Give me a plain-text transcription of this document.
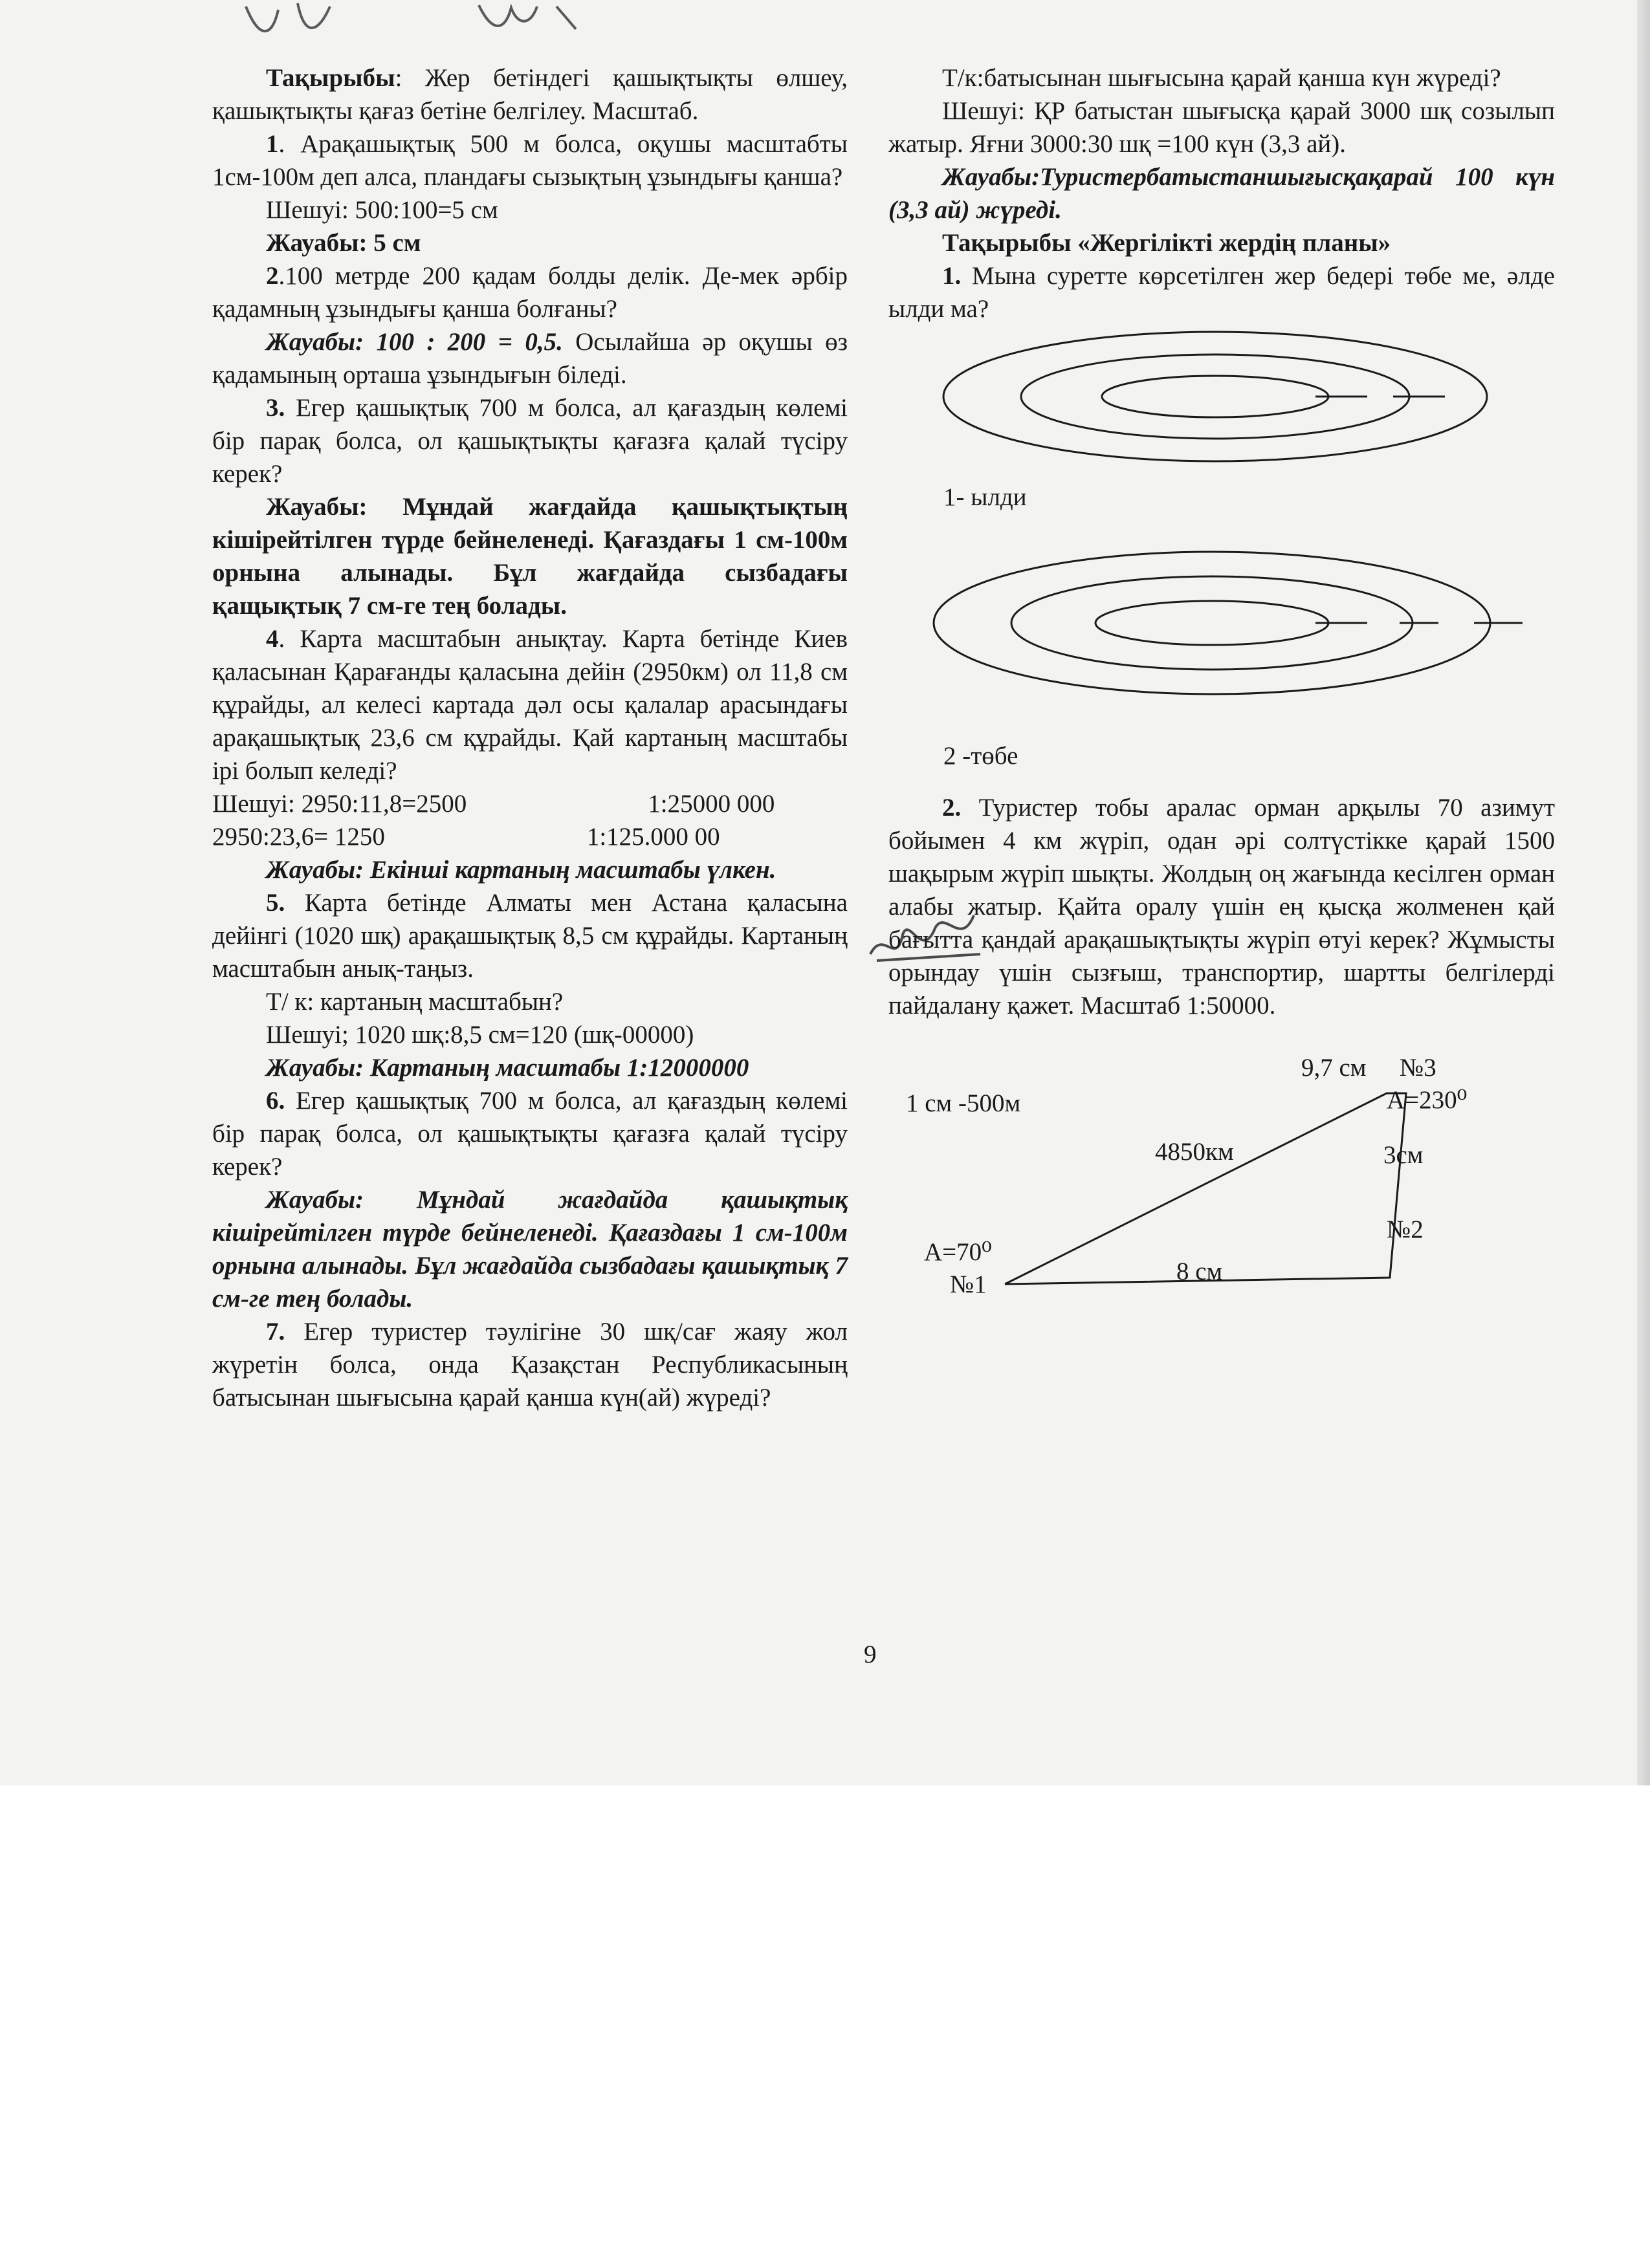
Тақырыбы: Жер бетіндегі қашықтықты өлшеу, қашықтықты қағаз бетіне белгілеу. Масштаб.

1. Арақашықтық 500 м болса, оқушы масштабты 1см-100м деп алса, пландағы сызықтың ұзындығы қанша?

Шешуі: 500:100=5 см

Жауабы: 5 см

2.100 метрде 200 қадам болды делік. Де-мек әрбір қадамның ұзындығы қанша болғаны?

Жауабы: 100 : 200 = 0,5. Осылайша әр оқушы өз қадамының орташа ұзындығын біледі.

3. Егер қашықтық 700 м болса, ал қағаздың көлемі бір парақ болса, ол қашықтықты қағазға қалай түсіру керек?

Жауабы: Мұндай жағдайда қашықтықтың кішірейтілген түрде бейнеленеді. Қағаздағы 1 см-100м орнына алынады. Бұл жағдайда сызбадағы қащықтық 7 см-ге тең болады.

4. Карта масштабын анықтау. Карта бетінде Киев қаласынан Қарағанды қаласына дейін (2950км) ол 11,8 см құрайды, ал келесі картада дәл осы қалалар арасындағы арақашықтық 23,6 см құрайды. Қай картаның масштабы ірі болып келеді?

Шешуі: 2950:11,8=2500	1:25000 000

2950:23,6= 1250	1:125.000 00

Жауабы: Екінші картаның масштабы үлкен.

5. Карта бетінде Алматы мен Астана қаласына дейінгі (1020 шқ) арақашықтық 8,5 см құрайды. Картаның масштабын анық-таңыз.

Т/ к: картаның масштабын?

Шешуі; 1020 шқ:8,5 см=120 (шқ-00000)

Жауабы: Картаның масштабы 1:12000000

6. Егер қашықтық 700 м болса, ал қағаздың көлемі бір парақ болса, ол қашықтықты қағазға қалай түсіру керек?

Жауабы: Мұндай жағдайда қашықтық кішірейтілген түрде бейнеленеді. Қағаздағы 1 см-100м орнына алынады. Бұл жағдайда сызбадағы қашықтық 7 см-ге тең болады.

7. Егер туристер тәулігіне 30 шқ/сағ жаяу жол жүретін болса, онда Қазақстан Республикасының батысынан шығысына қарай қанша күн(ай) жүреді?

Т/к:батысынан шығысына қарай қанша күн жүреді?

Шешуі: ҚР батыстан шығысқа қарай 3000 шқ созылып жатыр. Яғни 3000:30 шқ =100 күн (3,3 ай).

Жауабы:Туристербатыстаншығысқақарай 100 күн (3,3 ай) жүреді.

Тақырыбы «Жергілікті жердің планы»

1. Мына суретте көрсетілген жер бедері төбе ме, әлде ылди ма?

1- ылди
2 -төбе

2. Туристер тобы аралас орман арқылы 70 азимут бойымен 4 км жүріп, одан әрі солтүстікке қарай 1500 шақырым жүріп шықты. Жолдың оң жағында кесілген орман алабы жатыр. Қайта оралу үшін ең қысқа жолменен қай бағытта қандай арақашықтықты жүріп өтуі керек? Жұмысты орындау үшін сызғыш, транспортир, шартты белгілерді пайдалану қажет. Масштаб 1:50000.

1 см -500м
4850км
9,7 см №3
А=230⁰
3см
№2
А=70⁰
№1	8 см
9
